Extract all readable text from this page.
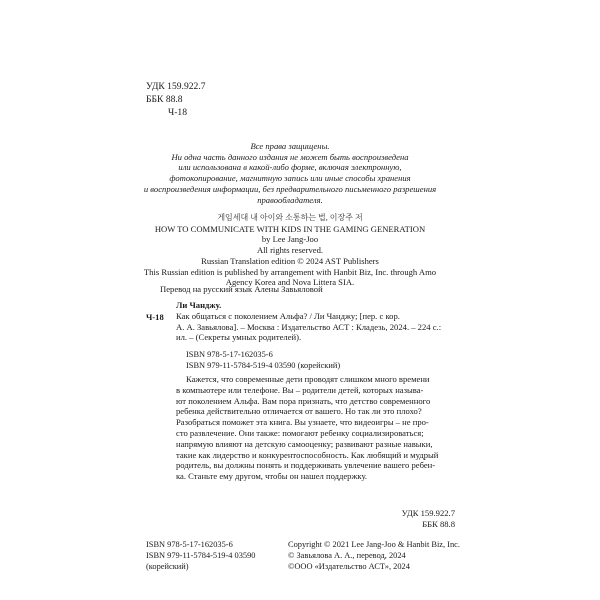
УДК 159.922.7
ББК 88.8
Ч-18
Все права защищены.
Ни одна часть данного издания не может быть воспроизведена
или использована в какой-либо форме, включая электронную,
фотокопирование, магнитную запись или иные способы хранения
и воспроизведения информации, без предварительного письменного разрешения
правообладателя.
게임세대 내 아이와 소통하는 법, 이장주 저
HOW TO COMMUNICATE WITH KIDS IN THE GAMING GENERATION
by Lee Jang-Joo
All rights reserved.
Russian Translation edition © 2024 AST Publishers
This Russian edition is published by arrangement with Hanbit Biz, Inc. through Amo
Agency Korea and Nova Littera SIA.

Перевод на русский язык Алены Завьяловой

Ли Чанджу.

Ч-18 Как общаться с поколением Альфа? / Ли Чанджу; [пер. с кор.
А. А. Завьялова]. – Москва : Издательство АСТ : Кладезь, 2024. – 224 с.:
ил. – (Секреты умных родителей).
ISBN 978-5-17-162035-6
ISBN 979-11-5784-519-4 03590 (корейский)
Кажется, что современные дети проводят слишком много времени
в компьютере или телефоне. Вы – родители детей, которых называ-
ют поколением Альфа. Вам пора признать, что детство современного
ребенка действительно отличается от вашего. Но так ли это плохо?
Разобраться поможет эта книга. Вы узнаете, что видеоигры – не про-
сто развлечение. Они также: помогают ребенку социализироваться;
напрямую влияют на детскую самооценку; развивают разные навыки,
такие как лидерство и конкурентоспособность. Как любящий и мудрый
родитель, вы должны понять и поддерживать увлечение вашего ребен-
ка. Станьте ему другом, чтобы он нашел поддержку.
УДК 159.922.7
ББК 88.8
ISBN 978-5-17-162035-6
ISBN 979-11-5784-519-4 03590
(корейский)
Copyright © 2021 Lee Jang-Joo & Hanbit Biz, Inc.
© Завьялова А. А., перевод, 2024
©ООО «Издательство АСТ», 2024
